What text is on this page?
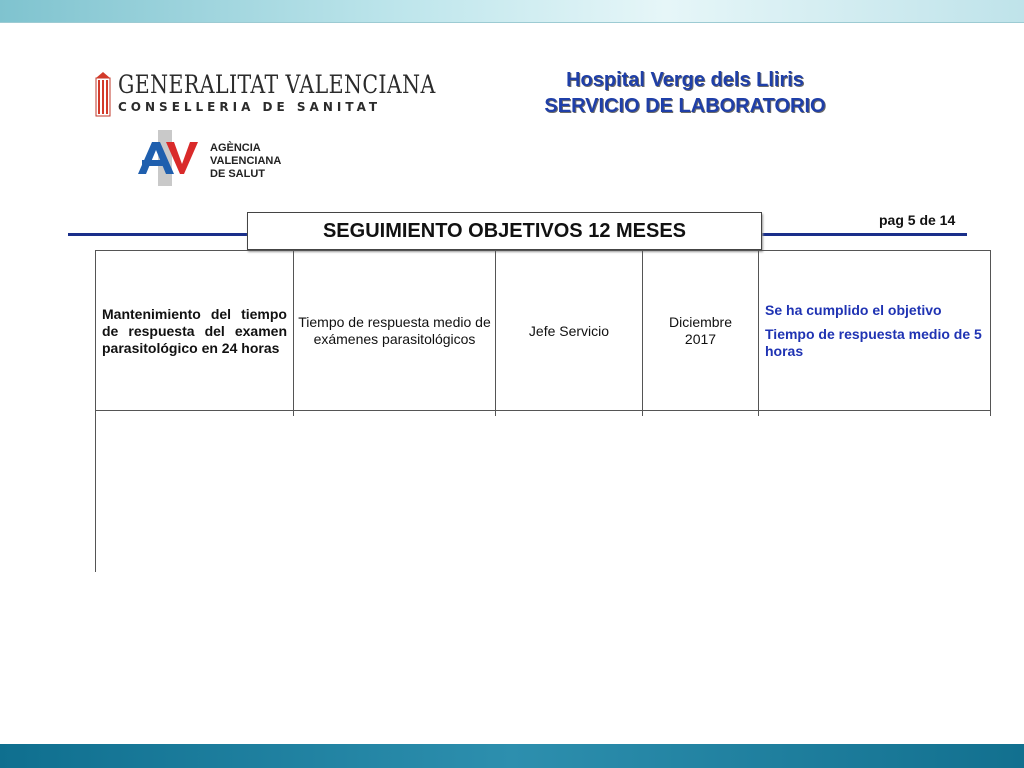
GENERALITAT VALENCIANA
CONSELLERIA DE SANITAT
AGÈNCIA
VALENCIANA
DE SALUT
Hospital Verge dels Lliris
SERVICIO DE LABORATORIO
SEGUIMIENTO OBJETIVOS 12 MESES	pag 5 de 14
Mantenimiento del tiempo de respuesta del examen parasitológico en 24 horas
Tiempo de respuesta medio de exámenes parasitológicos
Jefe Servicio
Diciembre
2017
Se ha cumplido el objetivo
Tiempo de respuesta medio de 5 horas
